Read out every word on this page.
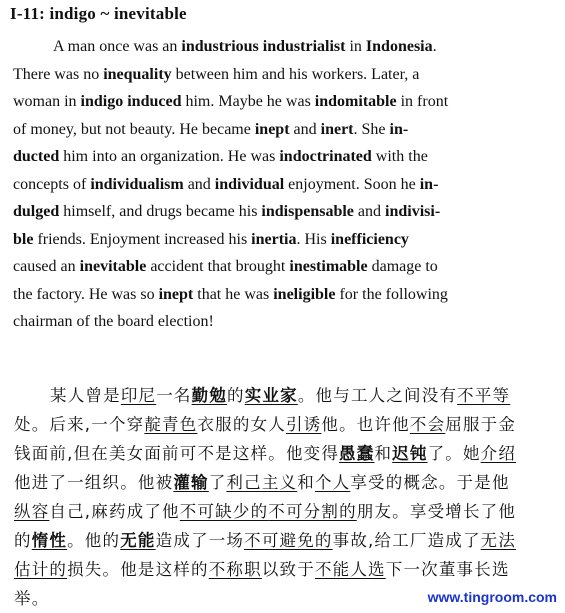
I-11: indigo ~ inevitable
A man once was an industrious industrialist in Indonesia.
There was no inequality between him and his workers. Later, a
woman in indigo induced him. Maybe he was indomitable in front
of money, but not beauty. He became inept and inert. She in-
ducted him into an organization. He was indoctrinated with the
concepts of individualism and individual enjoyment. Soon he in-
dulged himself, and drugs became his indispensable and indivisi-
ble friends. Enjoyment increased his inertia. His inefficiency
caused an inevitable accident that brought inestimable damage to
the factory. He was so inept that he was ineligible for the following
chairman of the board election!
某人曾是印尼一名勤勉的实业家。他与工人之间没有不平等
处。后来,一个穿靛青色衣服的女人引诱他。也许他不会屈服于金
钱面前,但在美女面前可不是这样。他变得愚蠢和迟钝了。她介绍
他进了一组织。他被灌输了利己主义和个人享受的概念。于是他
纵容自己,麻药成了他不可缺少的不可分割的朋友。享受增长了他
的惰性。他的无能造成了一场不可避免的事故,给工厂造成了无法
估计的损失。他是这样的不称职以致于不能人选下一次董事长选
举。	www.tingroom.com
